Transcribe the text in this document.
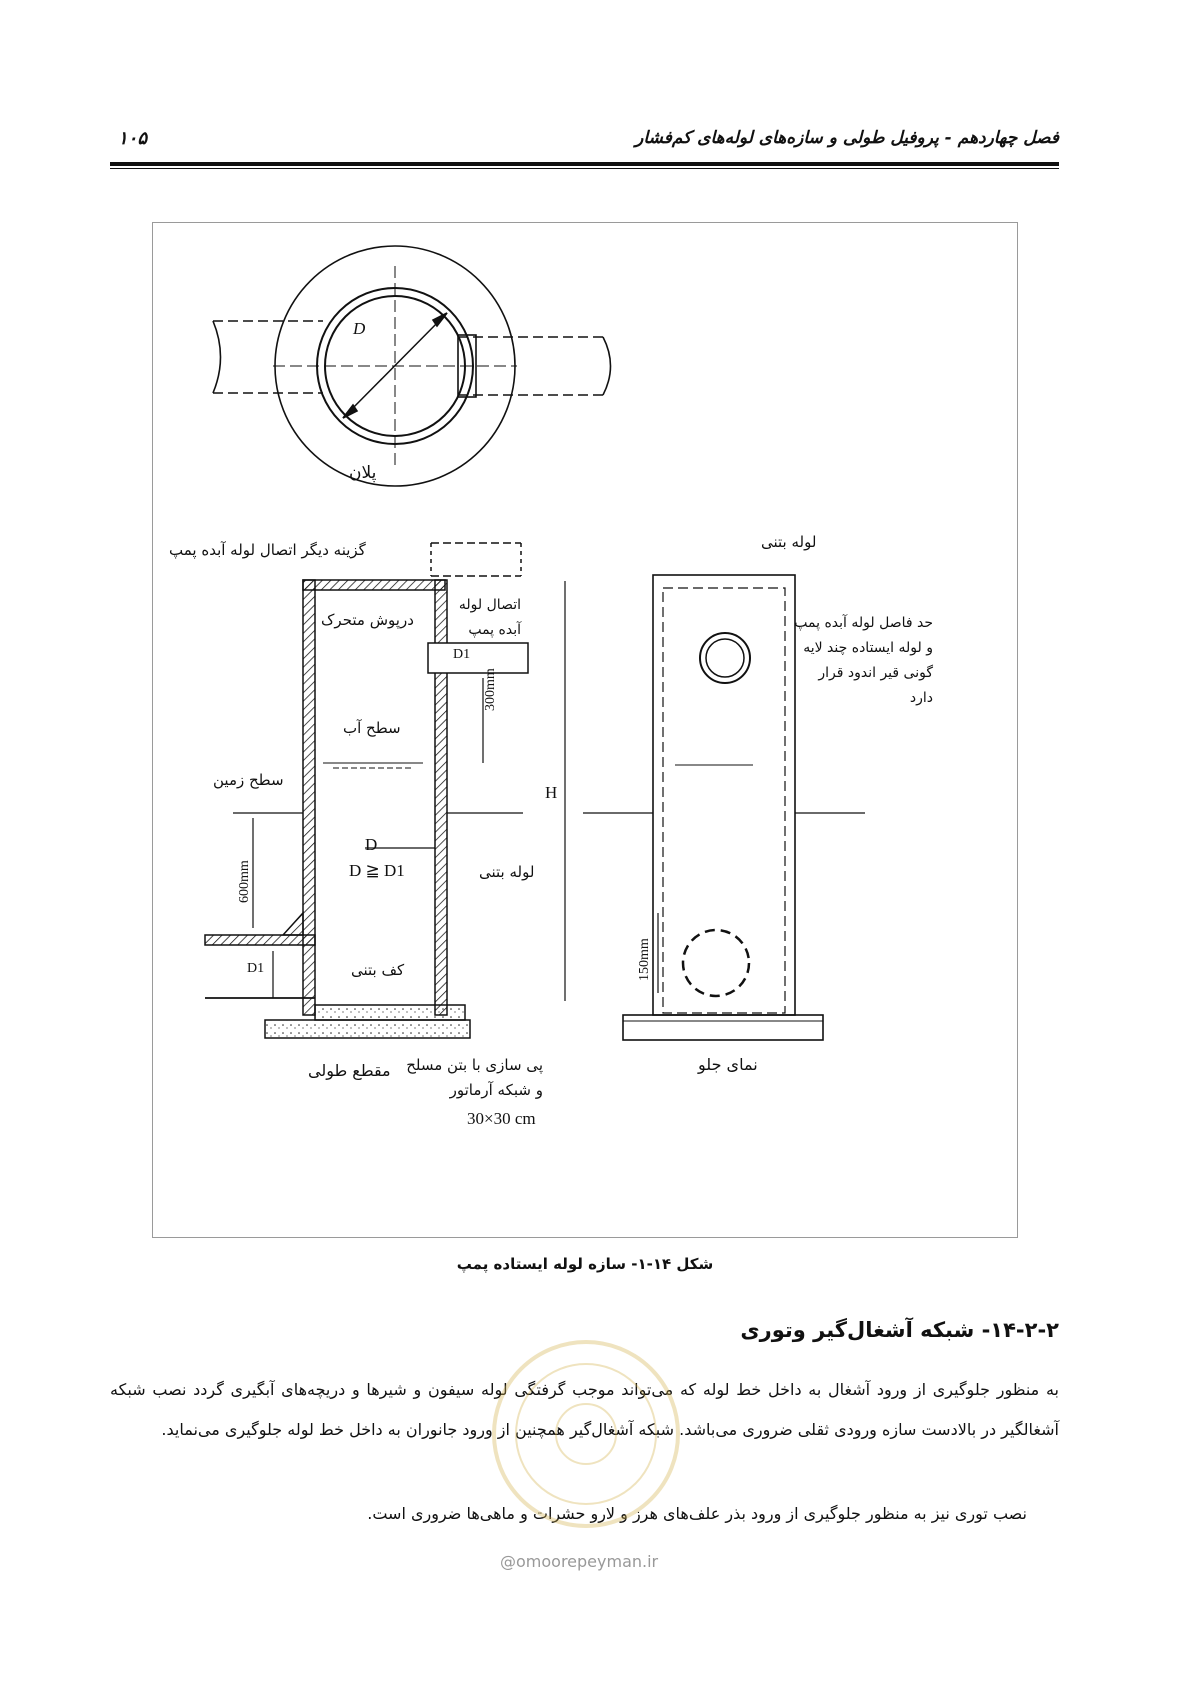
فصل چهاردهم - پروفیل طولی و سازه‌های لوله‌های کم‌فشار
۱۰۵
پلان
D
گزینه دیگر اتصال لوله آبده پمپ
درپوش متحرک
اتصال لوله آبده پمپ
D1
300mm
سطح آب
سطح زمین
600mm
D
D ≧ D1	لوله بتنی
کف بتنی
D1
پی سازی با بتن مسلح و شبکه آرماتور
30×30 cm
مقطع طولی
H
لوله بتنی
حد فاصل لوله آبده پمپ و لوله ایستاده چند لایه گونی قیر اندود قرار دارد
150mm
نمای جلو
شکل ۱۴-۱- سازه لوله ایستاده پمپ
۱۴-۲-۲- شبکه آشغال‌گیر وتوری
به منظور جلوگیری از ورود آشغال به داخل خط لوله که می‌تواند موجب گرفتگی لوله سیفون و شیرها و دریچه‌های آبگیری گردد نصب شبکه آشغالگیر در بالادست سازه ورودی ثقلی ضروری می‌باشد. شبکه آشغال‌گیر همچنین از ورود جانوران به داخل خط لوله جلوگیری می‌نماید.
نصب توری نیز به منظور جلوگیری از ورود بذر علف‌های هرز و لارو حشرات و ماهی‌ها ضروری است.
@omoorepeyman.ir
